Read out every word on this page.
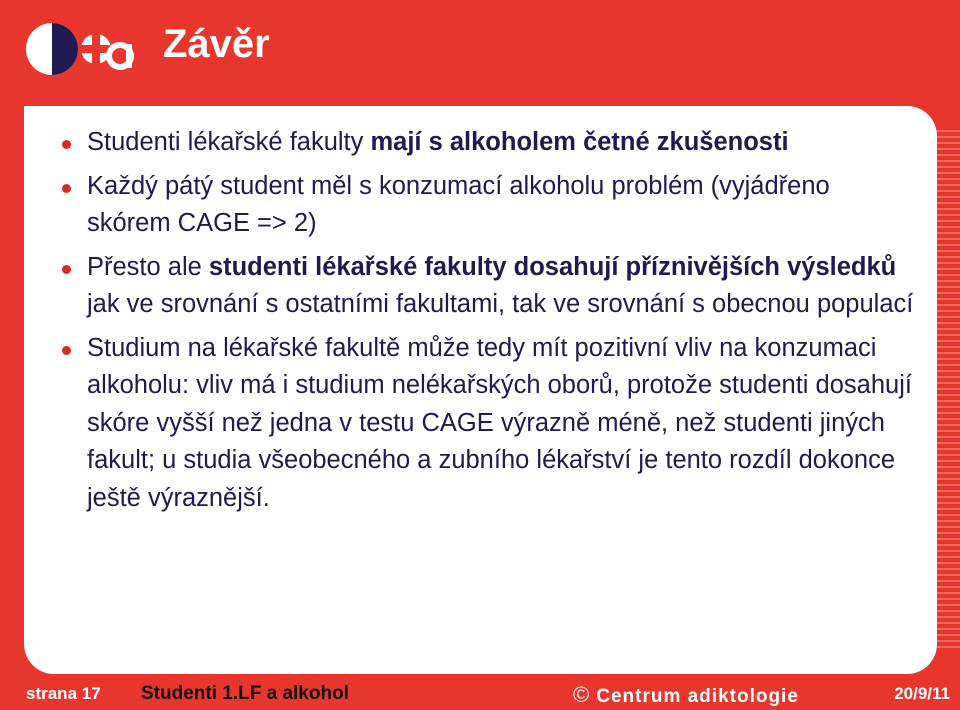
Závěr
Studenti lékařské fakulty mají s alkoholem četné zkušenosti
Každý pátý student měl s konzumací alkoholu problém (vyjádřeno skórem CAGE => 2)
Přesto ale studenti lékařské fakulty dosahují příznivějších výsledků jak ve srovnání s ostatními fakultami, tak ve srovnání s obecnou populací
Studium na lékařské fakultě může tedy mít pozitivní vliv na konzumaci alkoholu: vliv má i studium nelékařských oborů, protože studenti dosahují skóre vyšší než jedna v testu CAGE výrazně méně, než studenti jiných fakult; u studia všeobecného a zubního lékařství je tento rozdíl dokonce ještě výraznější.
strana 17 Studenti 1.LF a alkohol	© Centrum adiktologie	20/9/11
